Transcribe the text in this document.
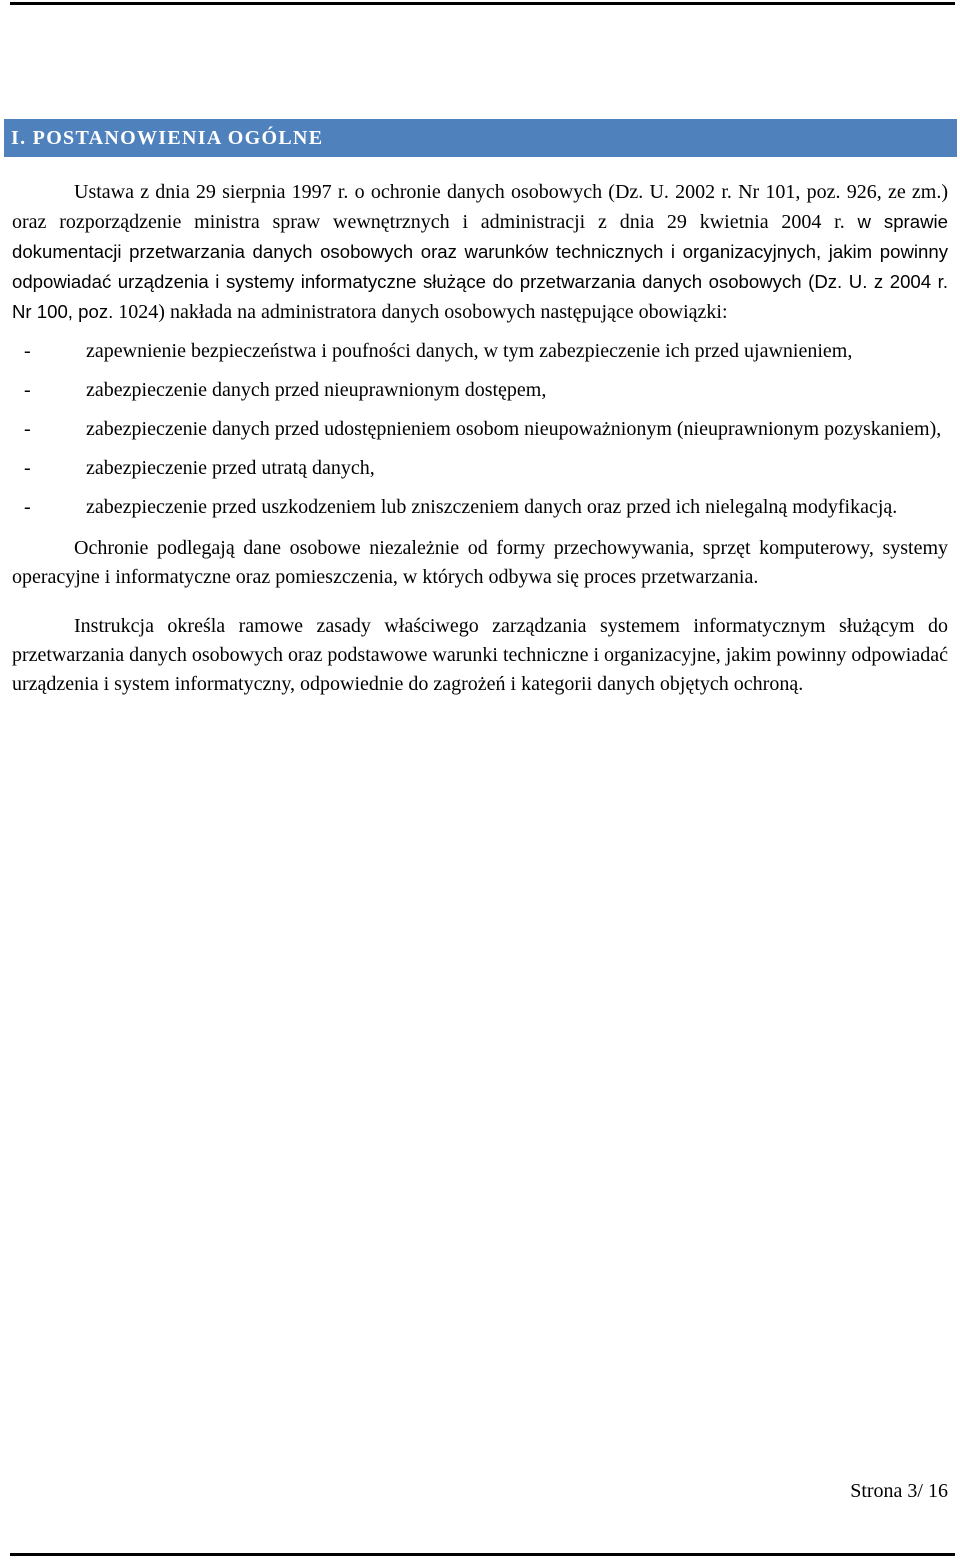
I. POSTANOWIENIA OGÓLNE

Ustawa z dnia 29 sierpnia 1997 r. o ochronie danych osobowych (Dz. U. 2002 r. Nr 101, poz. 926, ze zm.) oraz rozporządzenie ministra spraw wewnętrznych i administracji z dnia 29 kwietnia 2004 r. w sprawie dokumentacji przetwarzania danych osobowych oraz warunków technicznych i organizacyjnych, jakim powinny odpowiadać urządzenia i systemy informatyczne służące do przetwarzania danych osobowych (Dz. U. z 2004 r. Nr 100, poz. 1024) nakłada na administratora danych osobowych następujące obowiązki:

-	zapewnienie bezpieczeństwa i poufności danych, w tym zabezpieczenie ich przed ujawnieniem,
-	zabezpieczenie danych przed nieuprawnionym dostępem,
-	zabezpieczenie danych przed udostępnieniem osobom nieupoważnionym (nieuprawnionym pozyskaniem),
-	zabezpieczenie przed utratą danych,
-	zabezpieczenie przed uszkodzeniem lub zniszczeniem danych oraz przed ich nielegalną modyfikacją.

Ochronie podlegają dane osobowe niezależnie od formy przechowywania, sprzęt komputerowy, systemy operacyjne i informatyczne oraz pomieszczenia, w których odbywa się proces przetwarzania.

Instrukcja określa ramowe zasady właściwego zarządzania systemem informatycznym służącym do przetwarzania danych osobowych oraz podstawowe warunki techniczne i organizacyjne, jakim powinny odpowiadać urządzenia i system informatyczny, odpowiednie do zagrożeń i kategorii danych objętych ochroną.

Strona 3/ 16
